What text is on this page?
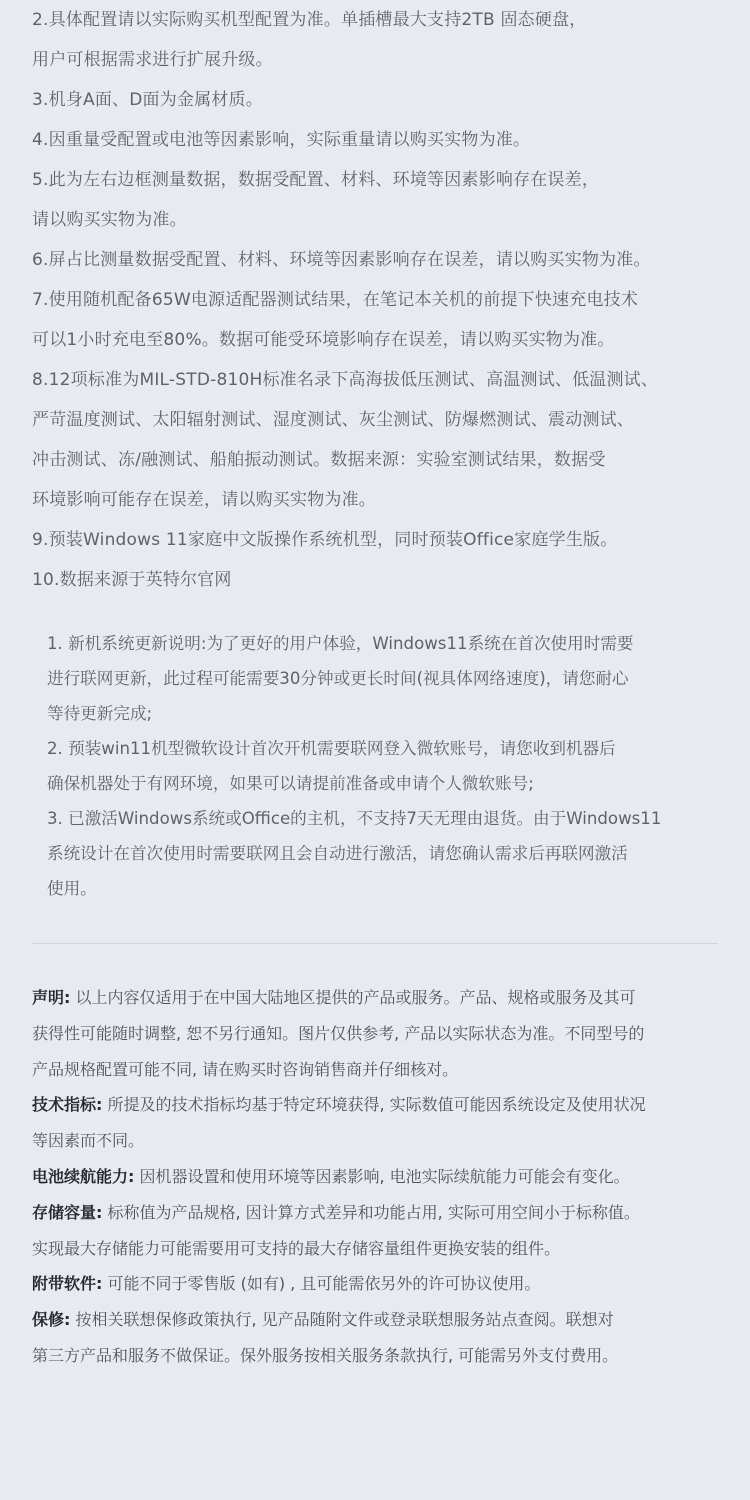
2.具体配置请以实际购买机型配置为准。单插槽最大支持2TB 固态硬盘，
用户可根据需求进行扩展升级。
3.机身A面、D面为金属材质。
4.因重量受配置或电池等因素影响，实际重量请以购买实物为准。
5.此为左右边框测量数据，数据受配置、材料、环境等因素影响存在误差，
请以购买实物为准。
6.屏占比测量数据受配置、材料、环境等因素影响存在误差，请以购买实物为准。
7.使用随机配备65W电源适配器测试结果，在笔记本关机的前提下快速充电技术
可以1小时充电至80%。数据可能受环境影响存在误差，请以购买实物为准。
8.12项标准为MIL-STD-810H标准名录下高海拔低压测试、高温测试、低温测试、
严苛温度测试、太阳辐射测试、湿度测试、灰尘测试、防爆燃测试、震动测试、
冲击测试、冻/融测试、船舶振动测试。数据来源：实验室测试结果，数据受
环境影响可能存在误差，请以购买实物为准。
9.预装Windows 11家庭中文版操作系统机型，同时预装Office家庭学生版。
10.数据来源于英特尔官网
1. 新机系统更新说明:为了更好的用户体验，Windows11系统在首次使用时需要
进行联网更新，此过程可能需要30分钟或更长时间(视具体网络速度)，请您耐心
等待更新完成;
2. 预装win11机型微软设计首次开机需要联网登入微软账号，请您收到机器后
确保机器处于有网环境，如果可以请提前准备或申请个人微软账号;
3. 已激活Windows系统或Office的主机，不支持7天无理由退货。由于Windows11
系统设计在首次使用时需要联网且会自动进行激活，请您确认需求后再联网激活
使用。
声明: 以上内容仅适用于在中国大陆地区提供的产品或服务。产品、规格或服务及其可
获得性可能随时调整, 恕不另行通知。图片仅供参考, 产品以实际状态为准。不同型号的
产品规格配置可能不同, 请在购买时咨询销售商并仔细核对。
技术指标: 所提及的技术指标均基于特定环境获得, 实际数值可能因系统设定及使用状况
等因素而不同。
电池续航能力: 因机器设置和使用环境等因素影响, 电池实际续航能力可能会有变化。
存储容量: 标称值为产品规格, 因计算方式差异和功能占用, 实际可用空间小于标称值。
实现最大存储能力可能需要用可支持的最大存储容量组件更换安装的组件。
附带软件: 可能不同于零售版 (如有) , 且可能需依另外的许可协议使用。
保修: 按相关联想保修政策执行, 见产品随附文件或登录联想服务站点查阅。联想对
第三方产品和服务不做保证。保外服务按相关服务条款执行, 可能需另外支付费用。
